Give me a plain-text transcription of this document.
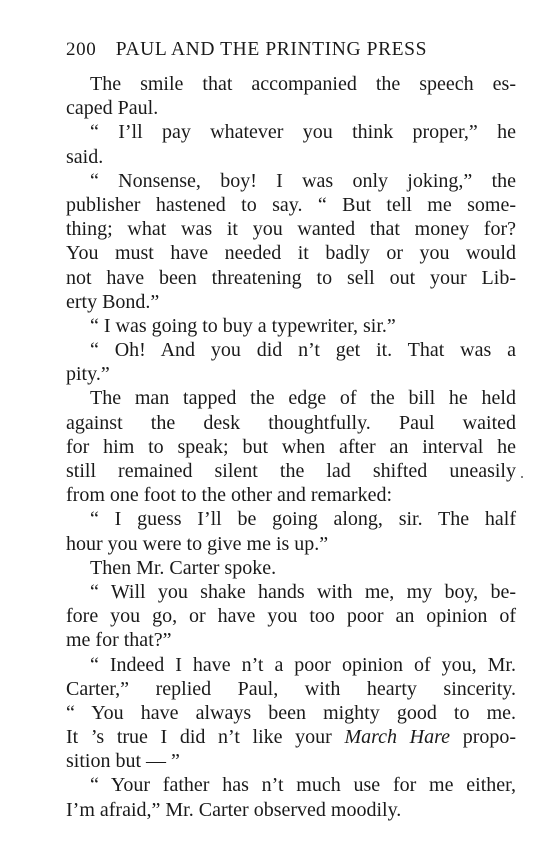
200 PAUL AND THE PRINTING PRESS
The smile that accompanied the speech es-
caped Paul.
“ I’ll pay whatever you think proper,” he
said.
“ Nonsense, boy! I was only joking,” the
publisher hastened to say. “ But tell me some-
thing; what was it you wanted that money for?
You must have needed it badly or you would
not have been threatening to sell out your Lib-
erty Bond.”
“ I was going to buy a typewriter, sir.”
“ Oh! And you did n’t get it. That was a
pity.”
The man tapped the edge of the bill he held
against the desk thoughtfully. Paul waited
for him to speak; but when after an interval he
still remained silent the lad shifted uneasily
from one foot to the other and remarked:
“ I guess I’ll be going along, sir. The half
hour you were to give me is up.”
Then Mr. Carter spoke.
“ Will you shake hands with me, my boy, be-
fore you go, or have you too poor an opinion of
me for that?”
“ Indeed I have n’t a poor opinion of you, Mr.
Carter,” replied Paul, with hearty sincerity.
“ You have always been mighty good to me.
It ’s true I did n’t like your March Hare propo-
sition but — ”
“ Your father has n’t much use for me either,
I’m afraid,” Mr. Carter observed moodily.
